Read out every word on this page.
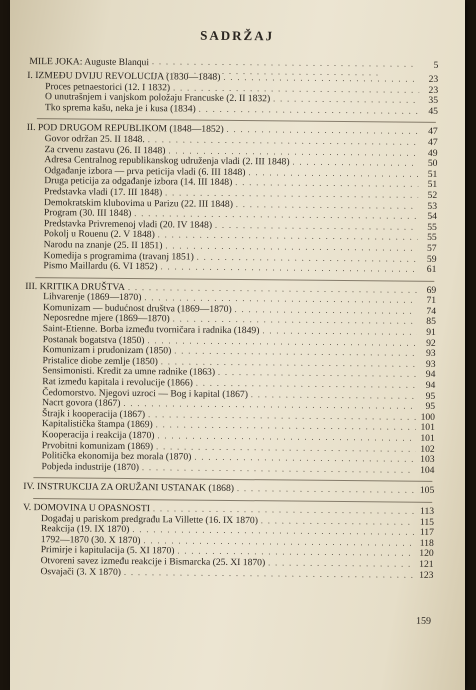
SADRŽAJ
MILE JOKA: Auguste Blanqui . . .	5
I. IZMEĐU DVIJU REVOLUCIJA (1830—1848) . . .	23
Proces petnaestorici (12. I 1832) . . .	23
O unutrašnjem i vanjskom položaju Francuske (2. II 1832) . . .	35
Tko sprema kašu, neka je i kusa (1834) . . .	45
II. POD DRUGOM REPUBLIKOM (1848—1852) . . .	47
Govor održan 25. II 1848. . . .	47
Za crvenu zastavu (26. II 1848) . . .	49
Adresa Centralnog republikanskog udruženja vladi (2. III 1848) . . .	50
Odgađanje izbora — prva peticija vladi (6. III 1848) . . .	51
Druga peticija za odgađanje izbora (14. III 1848) . . .	51
Predstavka vladi (17. III 1848) . . .	52
Demokratskim klubovima u Parizu (22. III 1848) . . .	53
Program (30. III 1848) . . .	54
Predstavka Privremenoj vladi (20. IV 1848) . . .	55
Pokolj u Rouenu (2. V 1848) . . .	55
Narodu na znanje (25. II 1851) . . .	57
Komedija s programima (travanj 1851) . . .	59
Pismo Maillardu (6. VI 1852) . . .	61
III. KRITIKA DRUŠTVA . . .	69
Lihvarenje (1869—1870) . . .	71
Komunizam — budućnost društva (1869—1870) . . .	74
Neposredne mjere (1869—1870) . . .	85
Saint-Etienne. Borba između tvorničara i radnika (1849) . . .	91
Postanak bogatstva (1850) . . .	92
Komunizam i prudonizam (1850) . . .	93
Pristalice diobe zemlje (1850) . . .	93
Sensimonisti. Kredit za umne radnike (1863) . . .	94
Rat između kapitala i revolucije (1866) . . .	94
Čedomorstvo. Njegovi uzroci — Bog i kapital (1867) . . .	95
Nacrt govora (1867) . . .	95
Štrajk i kooperacija (1867) . . .	100
Kapitalistička štampa (1869) . . .	101
Kooperacija i reakcija (1870) . . .	101
Prvobitni komunizam (1869) . . .	102
Politička ekonomija bez morala (1870) . . .	103
Pobjeda industrije (1870) . . .	104
IV. INSTRUKCIJA ZA ORUŽANI USTANAK (1868) . . .	105
V. DOMOVINA U OPASNOSTI . . .	113
Događaj u pariskom predgrađu La Villette (16. IX 1870) . . .	115
Reakcija (19. IX 1870) . . .	117
1792—1870 (30. X 1870) . . .	118
Primirje i kapitulacija (5. XI 1870) . . .	120
Otvoreni savez između reakcije i Bismarcka (25. XI 1870) . . .	121
Osvajači (3. X 1870) . . .	123
159
